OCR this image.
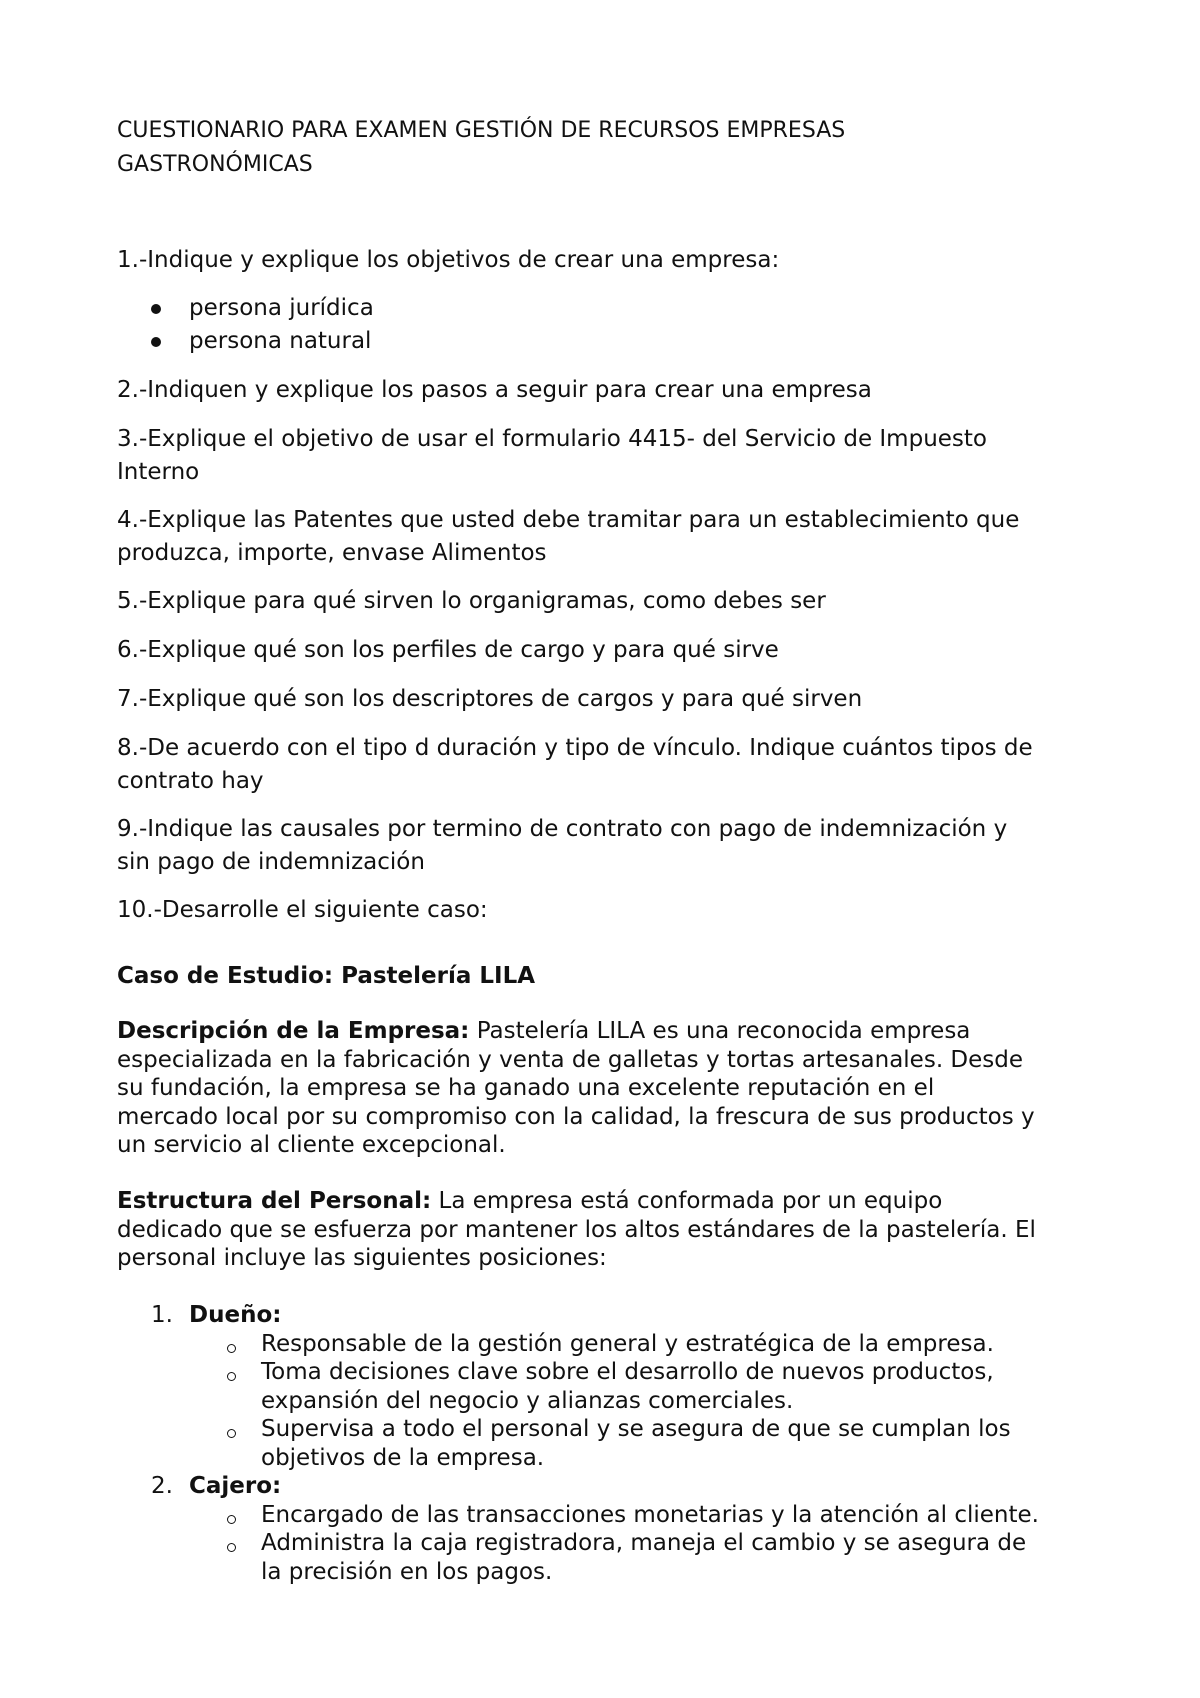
CUESTIONARIO PARA EXAMEN GESTIÓN DE RECURSOS EMPRESAS
GASTRONÓMICAS

1.-Indique y explique los objetivos de crear una empresa:

persona jurídica

persona natural

2.-Indiquen y explique los pasos a seguir para crear una empresa

3.-Explique el objetivo de usar el formulario 4415- del Servicio de Impuesto
Interno

4.-Explique las Patentes que usted debe tramitar para un establecimiento que
produzca, importe, envase Alimentos

5.-Explique para qué sirven lo organigramas, como debes ser

6.-Explique qué son los perfiles de cargo y para qué sirve

7.-Explique qué son los descriptores de cargos y para qué sirven

8.-De acuerdo con el tipo d duración y tipo de vínculo. Indique cuántos tipos de
contrato hay

9.-Indique las causales por termino de contrato con pago de indemnización y
sin pago de indemnización

10.-Desarrolle el siguiente caso:

Caso de Estudio: Pastelería LILA

Descripción de la Empresa: Pastelería LILA es una reconocida empresa
especializada en la fabricación y venta de galletas y tortas artesanales. Desde
su fundación, la empresa se ha ganado una excelente reputación en el
mercado local por su compromiso con la calidad, la frescura de sus productos y
un servicio al cliente excepcional.

Estructura del Personal: La empresa está conformada por un equipo
dedicado que se esfuerza por mantener los altos estándares de la pastelería. El
personal incluye las siguientes posiciones:

1. Dueño:

Responsable de la gestión general y estratégica de la empresa.

Toma decisiones clave sobre el desarrollo de nuevos productos,

expansión del negocio y alianzas comerciales.

Supervisa a todo el personal y se asegura de que se cumplan los

objetivos de la empresa.

2. Cajero:

Encargado de las transacciones monetarias y la atención al cliente.

Administra la caja registradora, maneja el cambio y se asegura de

la precisión en los pagos.
